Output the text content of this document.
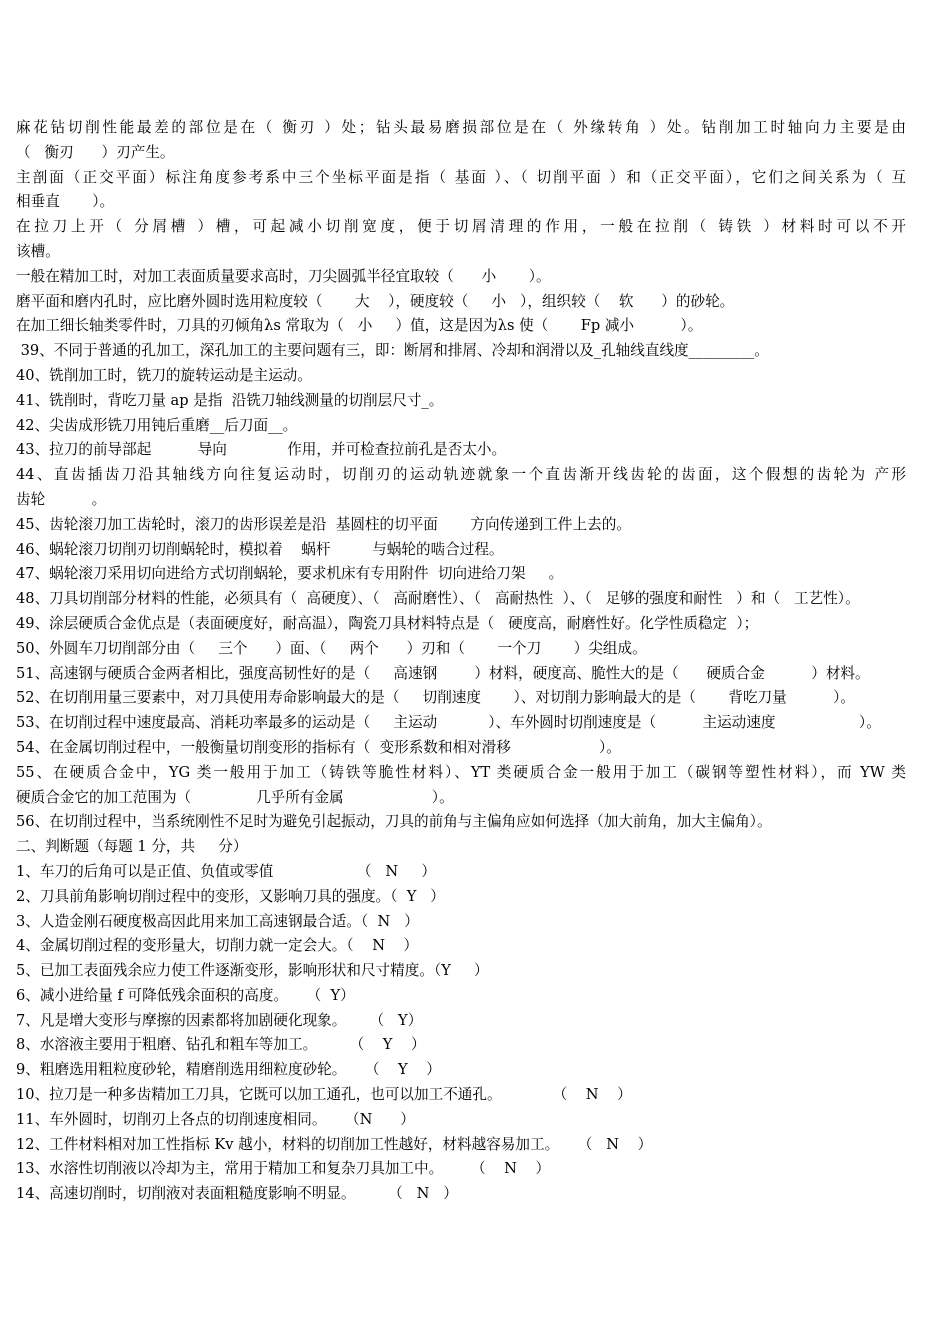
麻花钻切削性能最差的部位是在（ 衡刃 ）处；钻头最易磨损部位是在（ 外缘转角 ）处。钻削加工时轴向力主要是由
（   衡刃      ）刃产生。
主剖面（正交平面）标注角度参考系中三个坐标平面是指（ 基面 ）、（ 切削平面 ）和（正交平面），它们之间关系为（ 互
相垂直       ）。
在拉刀上开（ 分屑槽 ）槽，可起减小切削宽度，便于切屑清理的作用，一般在拉削（ 铸铁 ）材料时可以不开
该槽。
一般在精加工时，对加工表面质量要求高时，刀尖圆弧半径宜取较（      小       ）。
磨平面和磨内孔时，应比磨外圆时选用粒度较（       大    ），硬度较（     小   ），组织较（    软      ）的砂轮。
在加工细长轴类零件时，刀具的刃倾角λs 常取为（   小     ）值，这是因为λs 使（       Fp 减小          ）。
39、不同于普通的孔加工，深孔加工的主要问题有三，即：断屑和排屑、冷却和润滑以及_孔轴线直线度_________。
40、铣削加工时，铣刀的旋转运动是主运动。
41、铣削时，背吃刀量 ap 是指  沿铣刀轴线测量的切削层尺寸_。
42、尖齿成形铣刀用钝后重磨__后刀面__。
43、拉刀的前导部起          导向             作用，并可检查拉前孔是否太小。
44、直齿插齿刀沿其轴线方向往复运动时，切削刃的运动轨迹就象一个直齿渐开线齿轮的齿面，这个假想的齿轮为 产形
齿轮          。
45、齿轮滚刀加工齿轮时，滚刀的齿形误差是沿  基圆柱的切平面       方向传递到工件上去的。
46、蜗轮滚刀切削刃切削蜗轮时，模拟着    蜗杆         与蜗轮的啮合过程。
47、蜗轮滚刀采用切向进给方式切削蜗轮，要求机床有专用附件  切向进给刀架     。
48、刀具切削部分材料的性能，必须具有（  高硬度）、（   高耐磨性）、（   高耐热性  ）、（   足够的强度和耐性   ）和（   工艺性）。
49、涂层硬质合金优点是（表面硬度好，耐高温），陶瓷刀具材料特点是（   硬度高，耐磨性好。化学性质稳定  ）；
50、外圆车刀切削部分由（     三个      ）面、（     两个      ）刃和（       一个刀       ）尖组成。
51、高速钢与硬质合金两者相比，强度高韧性好的是（     高速钢        ）材料，硬度高、脆性大的是（      硬质合金          ）材料。
52、在切削用量三要素中，对刀具使用寿命影响最大的是（     切削速度       ）、对切削力影响最大的是（       背吃刀量          ）。
53、在切削过程中速度最高、消耗功率最多的运动是（     主运动           ）、车外圆时切削速度是（          主运动速度                  ）。
54、在金属切削过程中，一般衡量切削变形的指标有（  变形系数和相对滑移                   ）。
55、在硬质合金中，YG 类一般用于加工（铸铁等脆性材料）、YT 类硬质合金一般用于加工（碳钢等塑性材料），而 YW 类
硬质合金它的加工范围为（              几乎所有金属                   ）。
56、在切削过程中，当系统刚性不足时为避免引起振动，刀具的前角与主偏角应如何选择（加大前角，加大主偏角）。
二、判断题（每题 1 分，共     分）
1、车刀的后角可以是正值、负值或零值                  （   N     ）
2、刀具前角影响切削过程中的变形，又影响刀具的强度。（  Y   ）
3、人造金刚石硬度极高因此用来加工高速钢最合适。（  N   ）
4、金属切削过程的变形量大，切削力就一定会大。（    N    ）
5、已加工表面残余应力使工件逐渐变形，影响形状和尺寸精度。（Y     ）
6、减小进给量 f 可降低残余面积的高度。    （  Y）
7、凡是增大变形与摩擦的因素都将加剧硬化现象。     （   Y）
8、水溶液主要用于粗磨、钻孔和粗车等加工。       （    Y    ）
9、粗磨选用粗粒度砂轮，精磨削选用细粒度砂轮。    （    Y    ）
10、拉刀是一种多齿精加工刀具，它既可以加工通孔，也可以加工不通孔。           （    N    ）
11、车外圆时，切削刃上各点的切削速度相同。    （N      ）
12、工件材料相对加工性指标 Kv 越小，材料的切削加工性越好，材料越容易加工。    （   N    ）
13、水溶性切削液以冷却为主，常用于精加工和复杂刀具加工中。      （    N    ）
14、高速切削时，切削液对表面粗糙度影响不明显。       （   N   ）
